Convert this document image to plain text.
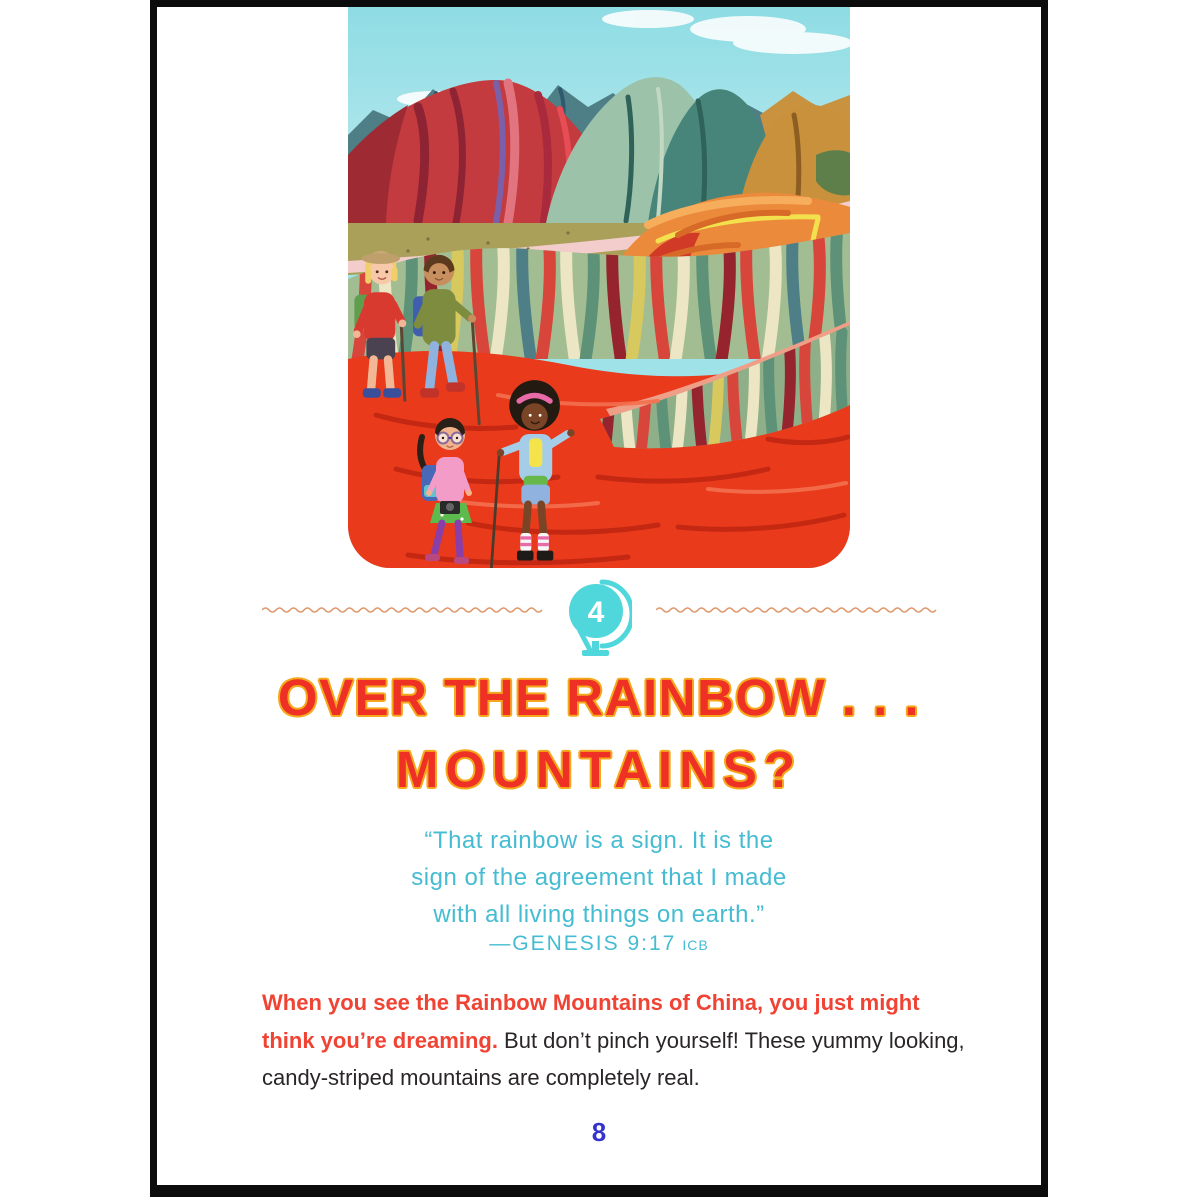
4
OVER THE RAINBOW . . .
MOUNTAINS?
“That rainbow is a sign. It is the
sign of the agreement that I made
with all living things on earth.”
—GENESIS 9:17 ICB
When you see the Rainbow Mountains of China, you just might
think you’re dreaming. But don’t pinch yourself! These yummy looking,
candy-striped mountains are completely real.
8
